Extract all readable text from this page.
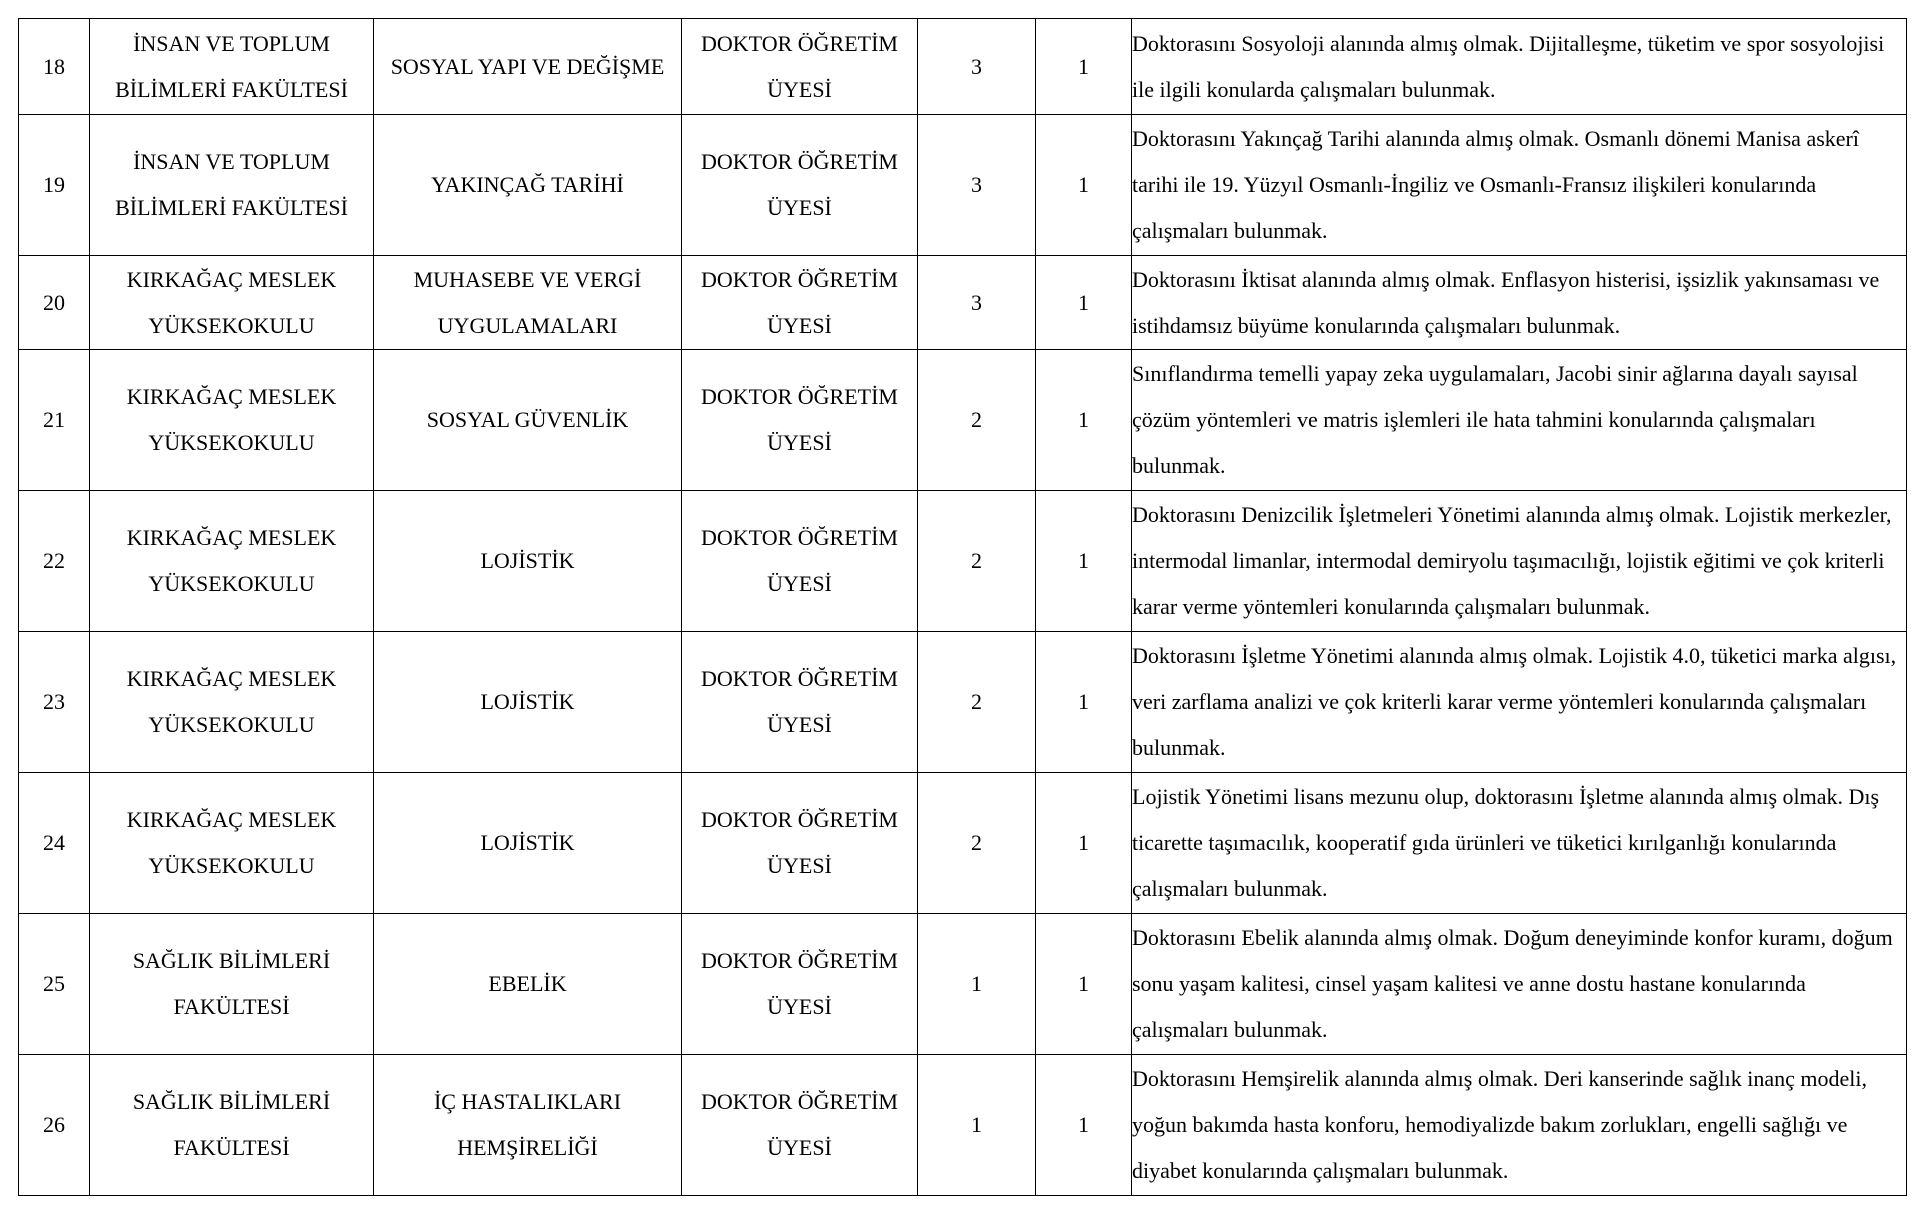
18	İNSAN VE TOPLUM BİLİMLERİ FAKÜLTESİ	SOSYAL YAPI VE DEĞİŞME	DOKTOR ÖĞRETİM ÜYESİ	3	1	Doktorasını Sosyoloji alanında almış olmak. Dijitalleşme, tüketim ve spor sosyolojisi ile ilgili konularda çalışmaları bulunmak.
19	İNSAN VE TOPLUM BİLİMLERİ FAKÜLTESİ	YAKINÇAĞ TARİHİ	DOKTOR ÖĞRETİM ÜYESİ	3	1	Doktorasını Yakınçağ Tarihi alanında almış olmak. Osmanlı dönemi Manisa askerî tarihi ile 19. Yüzyıl Osmanlı-İngiliz ve Osmanlı-Fransız ilişkileri konularında çalışmaları bulunmak.
20	KIRKAĞAÇ MESLEK YÜKSEKOKULU	MUHASEBE VE VERGİ UYGULAMALARI	DOKTOR ÖĞRETİM ÜYESİ	3	1	Doktorasını İktisat alanında almış olmak. Enflasyon histerisi, işsizlik yakınsaması ve istihdamsız büyüme konularında çalışmaları bulunmak.
21	KIRKAĞAÇ MESLEK YÜKSEKOKULU	SOSYAL GÜVENLİK	DOKTOR ÖĞRETİM ÜYESİ	2	1	Sınıflandırma temelli yapay zeka uygulamaları, Jacobi sinir ağlarına dayalı sayısal çözüm yöntemleri ve matris işlemleri ile hata tahmini konularında çalışmaları bulunmak.
22	KIRKAĞAÇ MESLEK YÜKSEKOKULU	LOJİSTİK	DOKTOR ÖĞRETİM ÜYESİ	2	1	Doktorasını Denizcilik İşletmeleri Yönetimi alanında almış olmak. Lojistik merkezler, intermodal limanlar, intermodal demiryolu taşımacılığı, lojistik eğitimi ve çok kriterli karar verme yöntemleri konularında çalışmaları bulunmak.
23	KIRKAĞAÇ MESLEK YÜKSEKOKULU	LOJİSTİK	DOKTOR ÖĞRETİM ÜYESİ	2	1	Doktorasını İşletme Yönetimi alanında almış olmak. Lojistik 4.0, tüketici marka algısı, veri zarflama analizi ve çok kriterli karar verme yöntemleri konularında çalışmaları bulunmak.
24	KIRKAĞAÇ MESLEK YÜKSEKOKULU	LOJİSTİK	DOKTOR ÖĞRETİM ÜYESİ	2	1	Lojistik Yönetimi lisans mezunu olup, doktorasını İşletme alanında almış olmak. Dış ticarette taşımacılık, kooperatif gıda ürünleri ve tüketici kırılganlığı konularında çalışmaları bulunmak.
25	SAĞLIK BİLİMLERİ FAKÜLTESİ	EBELİK	DOKTOR ÖĞRETİM ÜYESİ	1	1	Doktorasını Ebelik alanında almış olmak. Doğum deneyiminde konfor kuramı, doğum sonu yaşam kalitesi, cinsel yaşam kalitesi ve anne dostu hastane konularında çalışmaları bulunmak.
26	SAĞLIK BİLİMLERİ FAKÜLTESİ	İÇ HASTALIKLARI HEMŞİRELİĞİ	DOKTOR ÖĞRETİM ÜYESİ	1	1	Doktorasını Hemşirelik alanında almış olmak. Deri kanserinde sağlık inanç modeli, yoğun bakımda hasta konforu, hemodiyalizde bakım zorlukları, engelli sağlığı ve diyabet konularında çalışmaları bulunmak.
